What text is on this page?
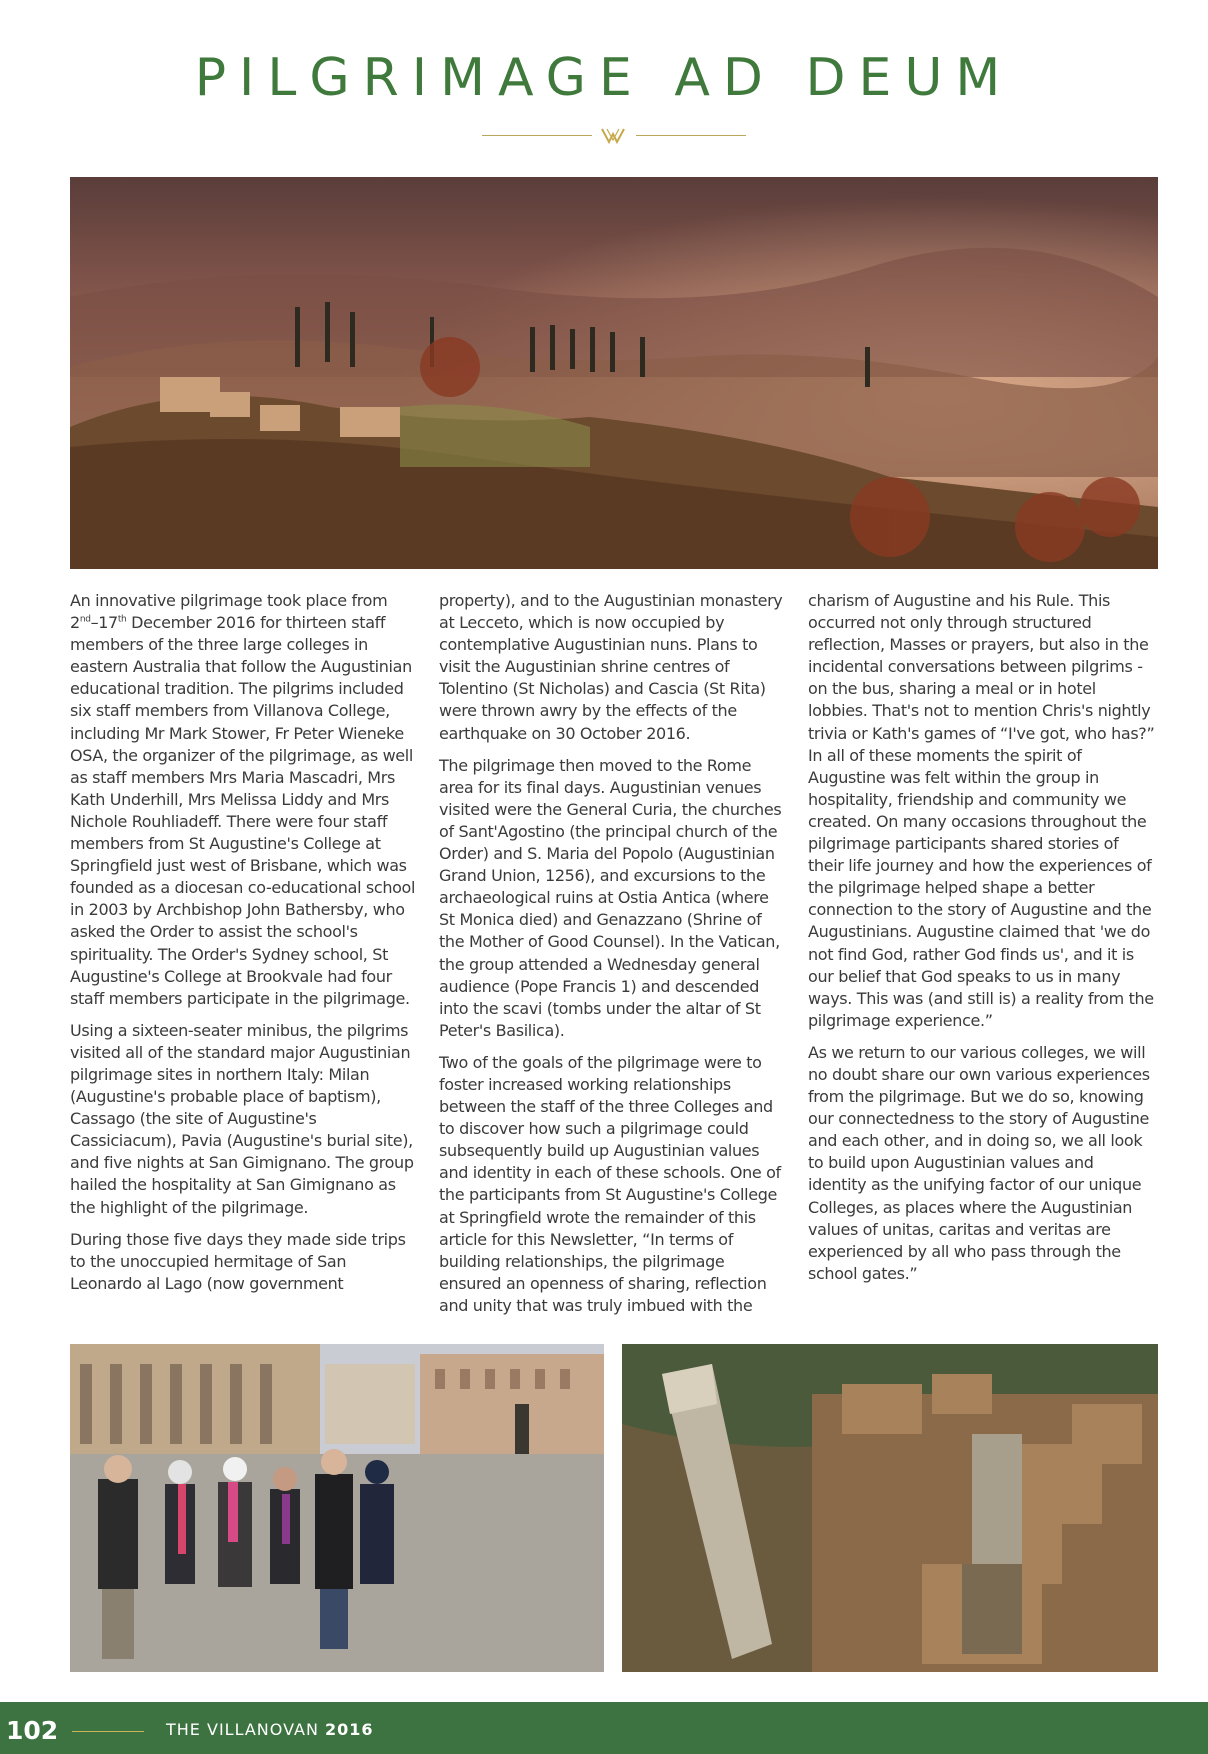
PILGRIMAGE AD DEUM

An innovative pilgrimage took place from 2nd–17th December 2016 for thirteen staff members of the three large colleges in eastern Australia that follow the Augustinian educational tradition. The pilgrims included six staff members from Villanova College, including Mr Mark Stower, Fr Peter Wieneke OSA, the organizer of the pilgrimage, as well as staff members Mrs Maria Mascadri, Mrs Kath Underhill, Mrs Melissa Liddy and Mrs Nichole Rouhliadeff. There were four staff members from St Augustine's College at Springfield just west of Brisbane, which was founded as a diocesan co-educational school in 2003 by Archbishop John Bathersby, who asked the Order to assist the school's spirituality. The Order's Sydney school, St Augustine's College at Brookvale had four staff members participate in the pilgrimage.

Using a sixteen-seater minibus, the pilgrims visited all of the standard major Augustinian pilgrimage sites in northern Italy: Milan (Augustine's probable place of baptism), Cassago (the site of Augustine's Cassiciacum), Pavia (Augustine's burial site), and five nights at San Gimignano. The group hailed the hospitality at San Gimignano as the highlight of the pilgrimage.

During those five days they made side trips to the unoccupied hermitage of San Leonardo al Lago (now government

property), and to the Augustinian monastery at Lecceto, which is now occupied by contemplative Augustinian nuns. Plans to visit the Augustinian shrine centres of Tolentino (St Nicholas) and Cascia (St Rita) were thrown awry by the effects of the earthquake on 30 October 2016.

The pilgrimage then moved to the Rome area for its final days. Augustinian venues visited were the General Curia, the churches of Sant'Agostino (the principal church of the Order) and S. Maria del Popolo (Augustinian Grand Union, 1256), and excursions to the archaeological ruins at Ostia Antica (where St Monica died) and Genazzano (Shrine of the Mother of Good Counsel). In the Vatican, the group attended a Wednesday general audience (Pope Francis 1) and descended into the scavi (tombs under the altar of St Peter's Basilica).

Two of the goals of the pilgrimage were to foster increased working relationships between the staff of the three Colleges and to discover how such a pilgrimage could subsequently build up Augustinian values and identity in each of these schools. One of the participants from St Augustine's College at Springfield wrote the remainder of this article for this Newsletter, “In terms of building relationships, the pilgrimage ensured an openness of sharing, reflection and unity that was truly imbued with the

charism of Augustine and his Rule. This occurred not only through structured reflection, Masses or prayers, but also in the incidental conversations between pilgrims - on the bus, sharing a meal or in hotel lobbies. That's not to mention Chris's nightly trivia or Kath's games of “I've got, who has?” In all of these moments the spirit of Augustine was felt within the group in hospitality, friendship and community we created. On many occasions throughout the pilgrimage participants shared stories of their life journey and how the experiences of the pilgrimage helped shape a better connection to the story of Augustine and the Augustinians. Augustine claimed that 'we do not find God, rather God finds us', and it is our belief that God speaks to us in many ways. This was (and still is) a reality from the pilgrimage experience.”

As we return to our various colleges, we will no doubt share our own various experiences from the pilgrimage. But we do so, knowing our connectedness to the story of Augustine and each other, and in doing so, we all look to build upon Augustinian values and identity as the unifying factor of our unique Colleges, as places where the Augustinian values of unitas, caritas and veritas are experienced by all who pass through the school gates.”

102	THE VILLANOVAN 2016
